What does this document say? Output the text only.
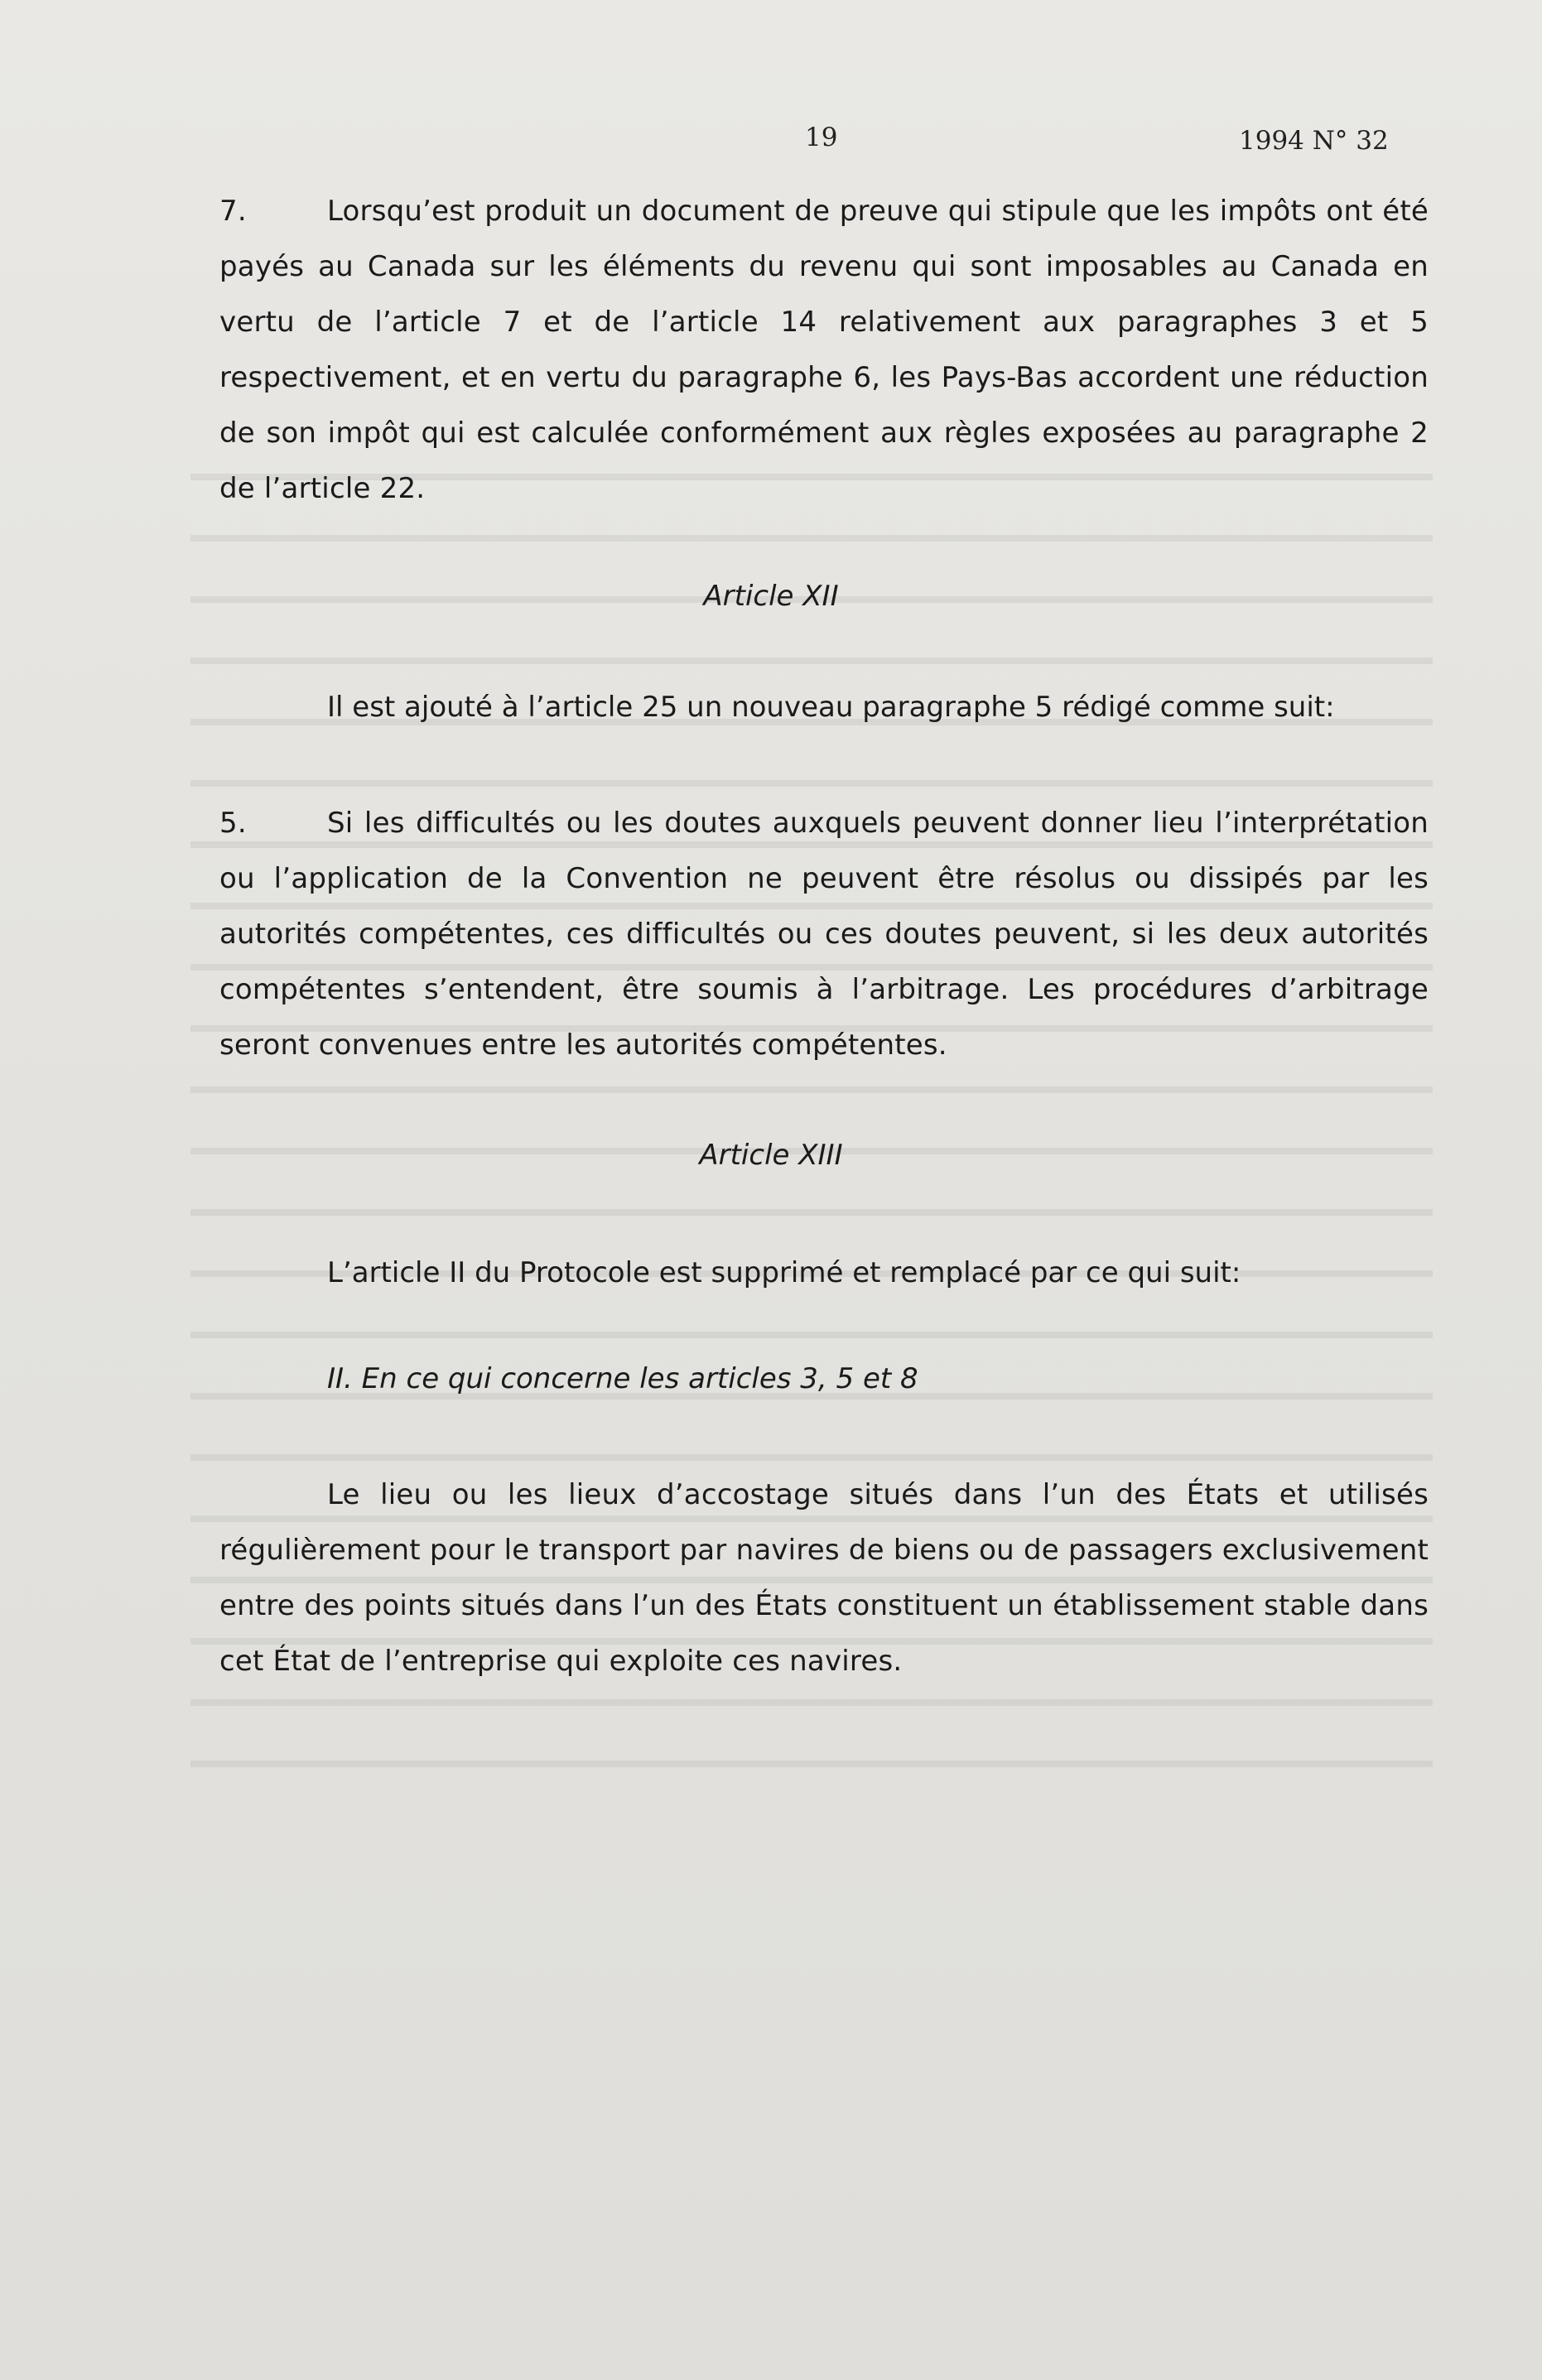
19	1994 N° 32
7.	Lorsqu’est produit un document de preuve qui stipule que les impôts ont été payés au Canada sur les éléments du revenu qui sont imposables au Canada en vertu de l’article 7 et de l’article 14 relativement aux paragraphes 3 et 5 respectivement, et en vertu du paragraphe 6, les Pays-Bas accordent une réduction de son impôt qui est calculée conformément aux règles exposées au paragraphe 2 de l’article 22.
Article XII
Il est ajouté à l’article 25 un nouveau paragraphe 5 rédigé comme suit:
5.	Si les difficultés ou les doutes auxquels peuvent donner lieu l’interprétation ou l’application de la Convention ne peuvent être résolus ou dissipés par les autorités compétentes, ces difficultés ou ces doutes peuvent, si les deux autorités compétentes s’entendent, être soumis à l’arbitrage. Les procédures d’arbitrage seront convenues entre les autorités compétentes.
Article XIII
L’article II du Protocole est supprimé et remplacé par ce qui suit:
II. En ce qui concerne les articles 3, 5 et 8
Le lieu ou les lieux d’accostage situés dans l’un des États et utilisés régulièrement pour le transport par navires de biens ou de passagers exclusivement entre des points situés dans l’un des États constituent un établissement stable dans cet État de l’entreprise qui exploite ces navires.
